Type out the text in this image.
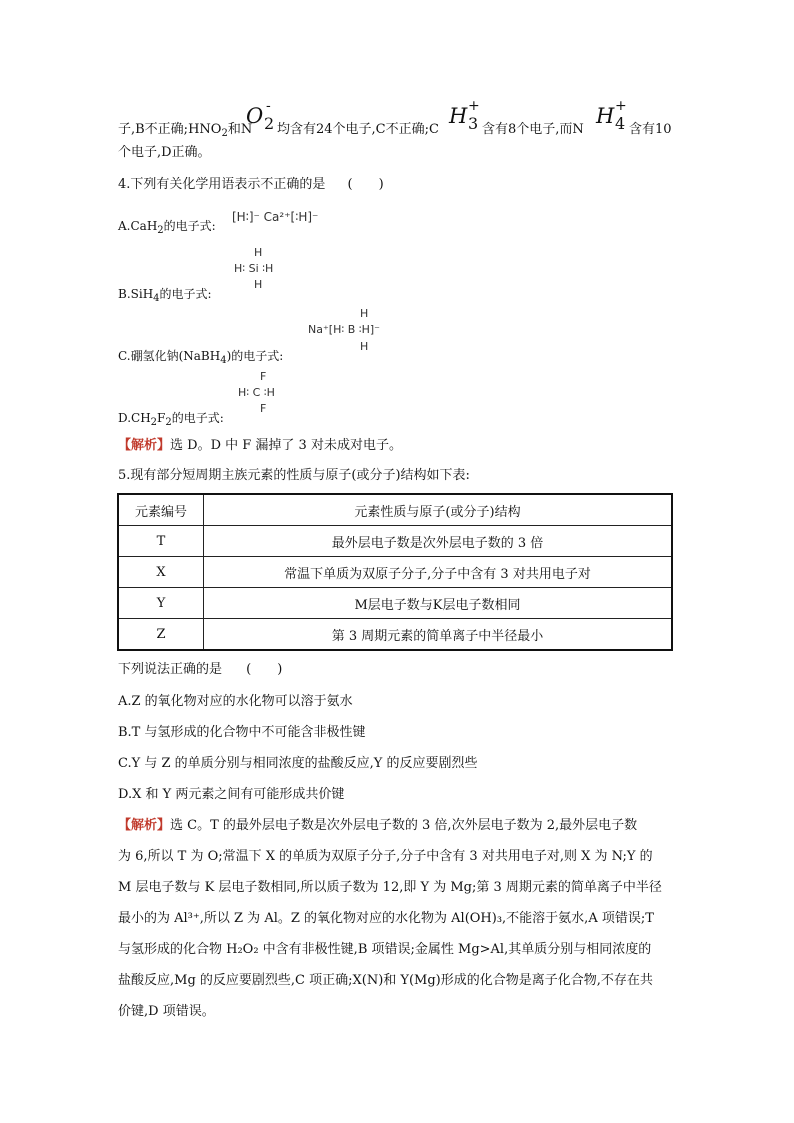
子,B不正确$;HNO_2$和N
O -
2 均含有24个电子,C不正确;C
H +
3 含有8个电子,而N
H +
4 含有10
个电子,D正确。
4.下列有关化学用语表示不正确的是 (　　)
A.CaH$_2$的电子式:
[H∶]⁻ Ca²⁺[∶H]⁻
H
H∶ Si ∶H
H
B.SiH$_4$的电子式:
H
Na⁺[H∶ B ∶H]⁻
H
C.硼氢化钠(NaBH$_4$)的电子式:
F
H∶ C ∶H
F
$D.CH_2F_2$的电子式:
【解析】选 D。D 中 F 漏掉了 3 对未成对电子。
5.现有部分短周期主族元素的性质与原子(或分子)结构如下表:
元素编号	元素性质与原子(或分子)结构
T	最外层电子数是次外层电子数的 3 倍
X	常温下单质为双原子分子,分子中含有 3 对共用电子对
Y	M层电子数与K层电子数相同
Z	第 3 周期元素的简单离子中半径最小
下列说法正确的是 (　　)
A.Z 的氧化物对应的水化物可以溶于氨水
B.T 与氢形成的化合物中不可能含非极性键
C.Y 与 Z 的单质分别与相同浓度的盐酸反应,Y 的反应要剧烈些
D.X 和 Y 两元素之间有可能形成共价键
【解析】选 C。T 的最外层电子数是次外层电子数的 3 倍,次外层电子数为 2,最外层电子数
为 6,所以 T 为 O;常温下 X 的单质为双原子分子,分子中含有 3 对共用电子对,则 X 为 N;Y 的
M 层电子数与 K 层电子数相同,所以质子数为 12,即 Y 为 Mg;第 3 周期元素的简单离子中半径
最小的为 Al³⁺,所以 Z 为 Al。Z 的氧化物对应的水化物为 Al(OH)₃,不能溶于氨水,A 项错误;T
与氢形成的化合物 H₂O₂ 中含有非极性键,B 项错误;金属性 Mg>Al,其单质分别与相同浓度的
盐酸反应,Mg 的反应要剧烈些,C 项正确;X(N)和 Y(Mg)形成的化合物是离子化合物,不存在共
价键,D 项错误。
